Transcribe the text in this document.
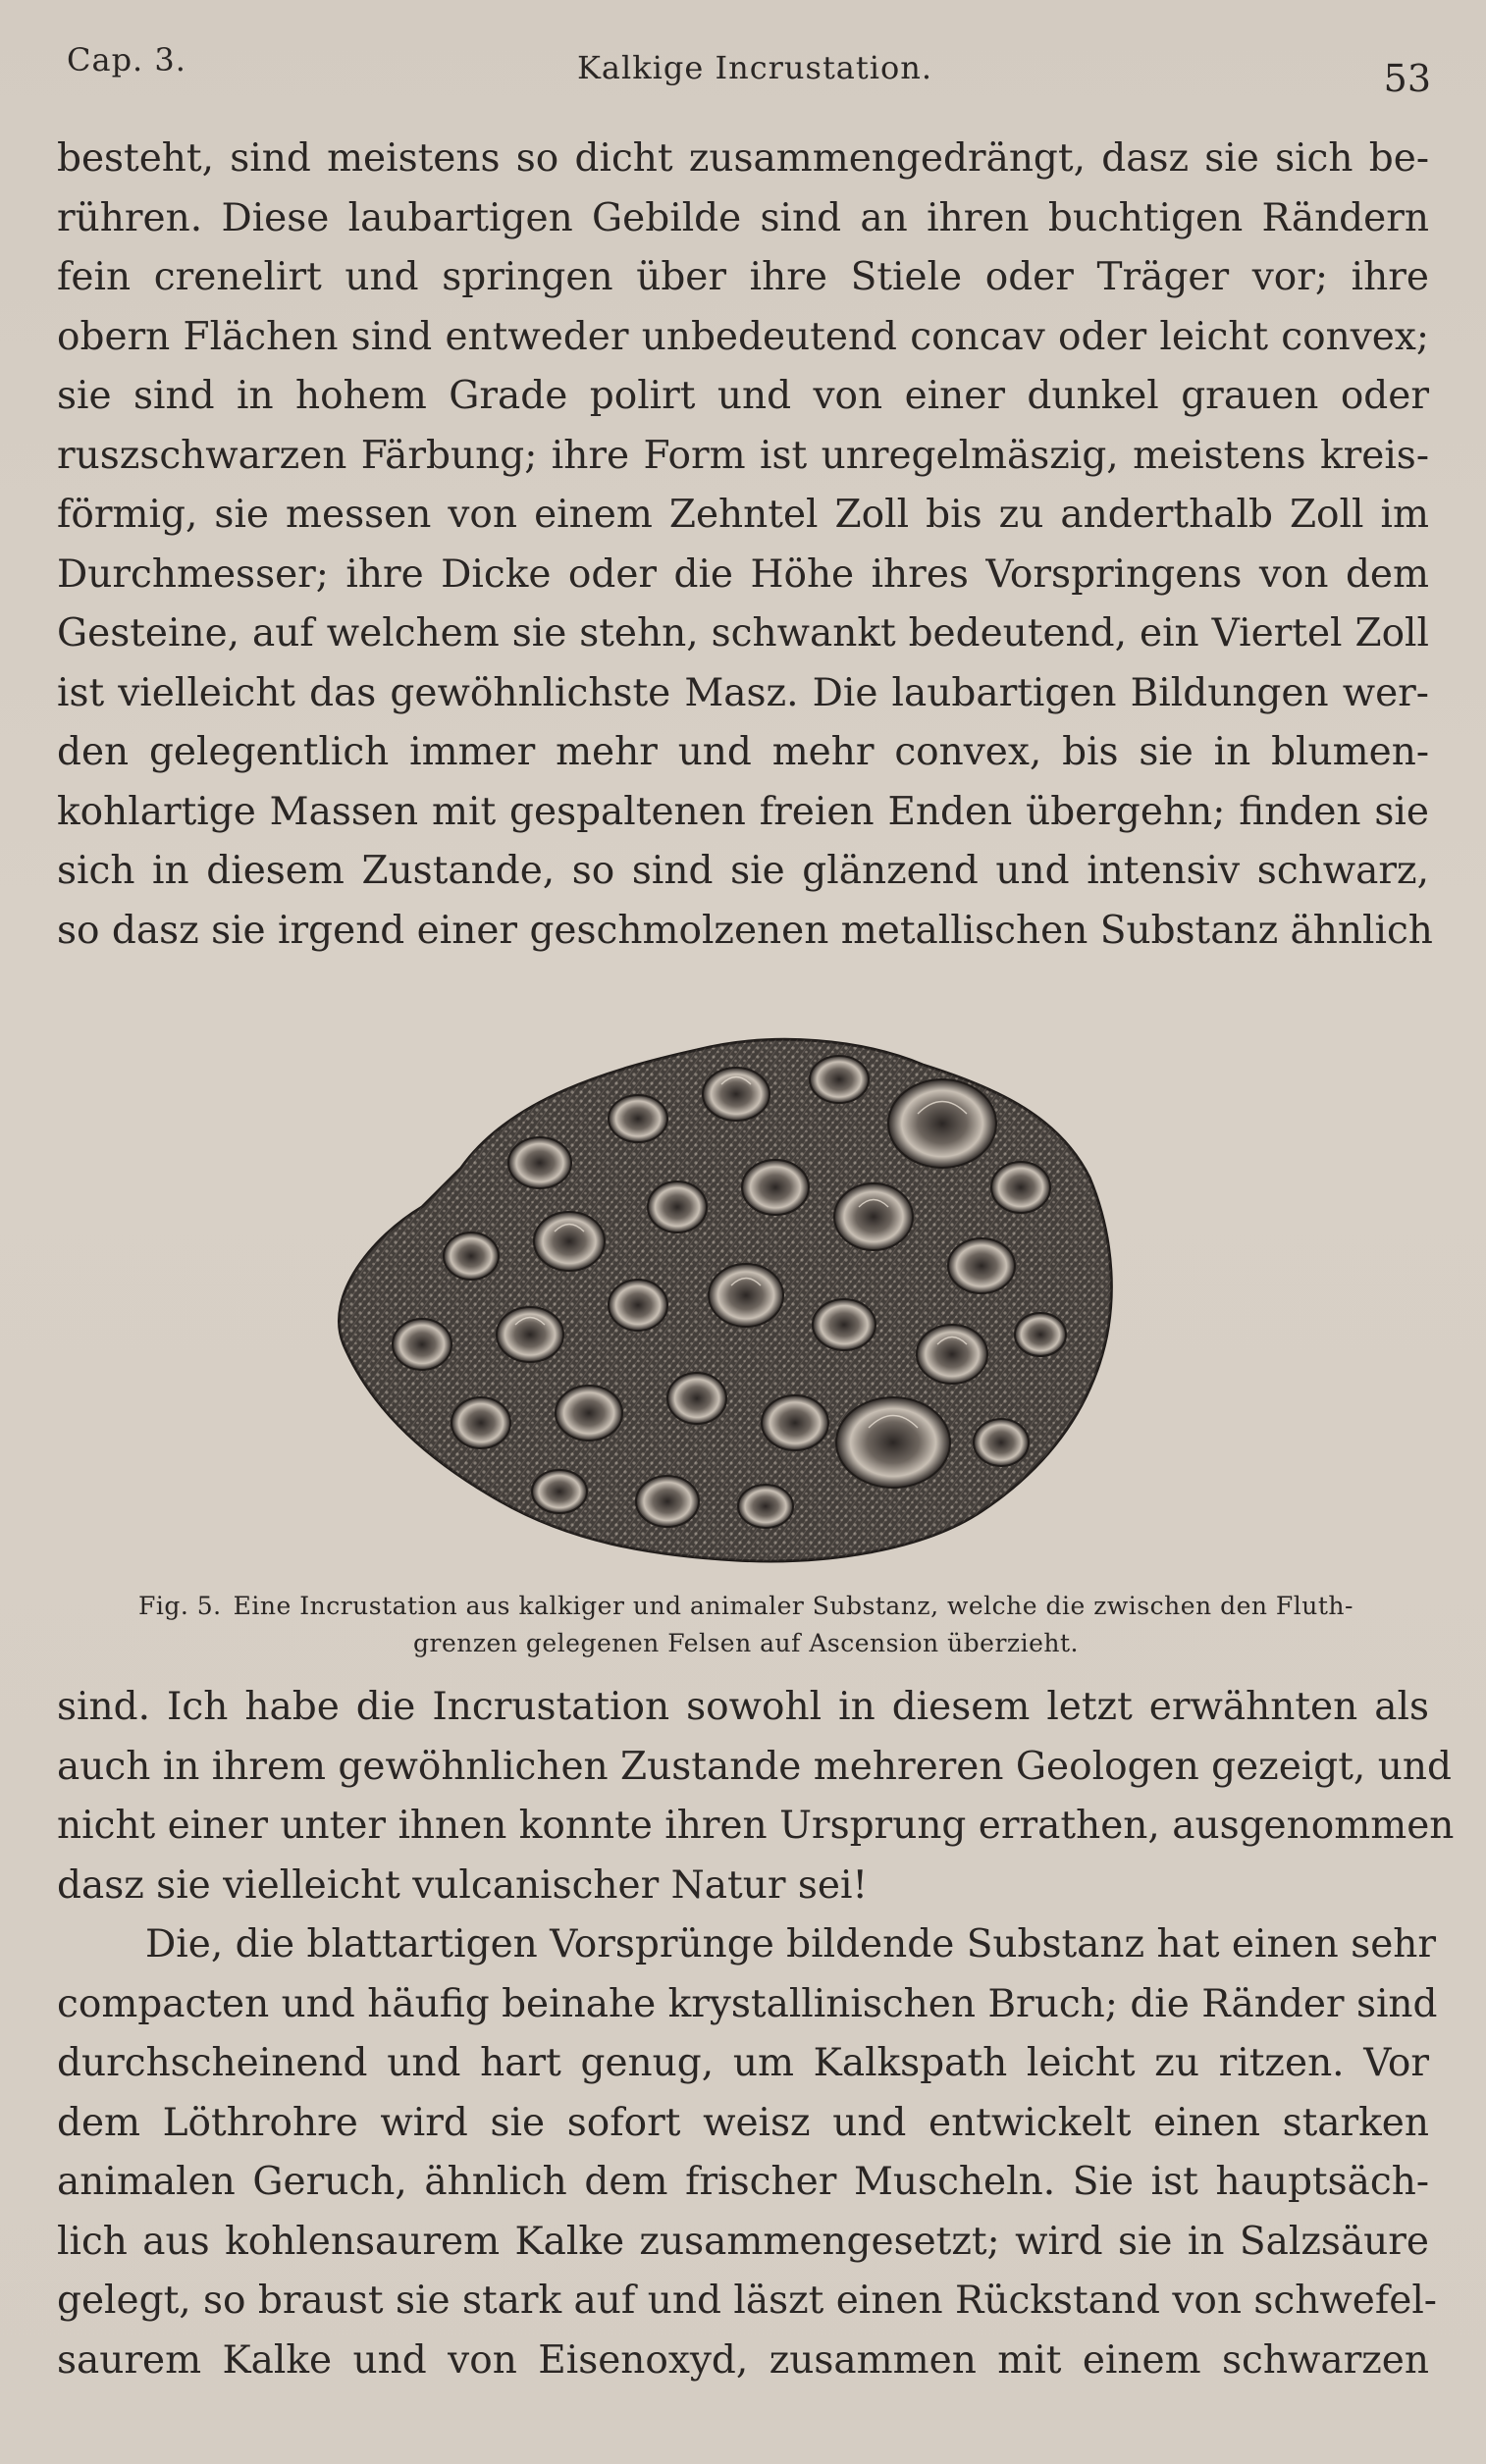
Cap. 3.	Kalkige Incrustation.	53
besteht, sind meistens so dicht zusammengedrängt, dasz sie sich be-
rühren. Diese laubartigen Gebilde sind an ihren buchtigen Rändern
fein crenelirt und springen über ihre Stiele oder Träger vor; ihre
obern Flächen sind entweder unbedeutend concav oder leicht convex;
sie sind in hohem Grade polirt und von einer dunkel grauen oder
ruszschwarzen Färbung; ihre Form ist unregelmäszig, meistens kreis-
förmig, sie messen von einem Zehntel Zoll bis zu anderthalb Zoll im
Durchmesser; ihre Dicke oder die Höhe ihres Vorspringens von dem
Gesteine, auf welchem sie stehn, schwankt bedeutend, ein Viertel Zoll
ist vielleicht das gewöhnlichste Masz. Die laubartigen Bildungen wer-
den gelegentlich immer mehr und mehr convex, bis sie in blumen-
kohlartige Massen mit gespaltenen freien Enden übergehn; finden sie
sich in diesem Zustande, so sind sie glänzend und intensiv schwarz,
so dasz sie irgend einer geschmolzenen metallischen Substanz ähnlich
Fig. 5. Eine Incrustation aus kalkiger und animaler Substanz, welche die zwischen den Fluth-
grenzen gelegenen Felsen auf Ascension überzieht.
sind. Ich habe die Incrustation sowohl in diesem letzt erwähnten als
auch in ihrem gewöhnlichen Zustande mehreren Geologen gezeigt, und
nicht einer unter ihnen konnte ihren Ursprung errathen, ausgenommen
dasz sie vielleicht vulcanischer Natur sei!
Die, die blattartigen Vorsprünge bildende Substanz hat einen sehr
compacten und häufig beinahe krystallinischen Bruch; die Ränder sind
durchscheinend und hart genug, um Kalkspath leicht zu ritzen. Vor
dem Löthrohre wird sie sofort weisz und entwickelt einen starken
animalen Geruch, ähnlich dem frischer Muscheln. Sie ist hauptsäch-
lich aus kohlensaurem Kalke zusammengesetzt; wird sie in Salzsäure
gelegt, so braust sie stark auf und läszt einen Rückstand von schwefel-
saurem Kalke und von Eisenoxyd, zusammen mit einem schwarzen
